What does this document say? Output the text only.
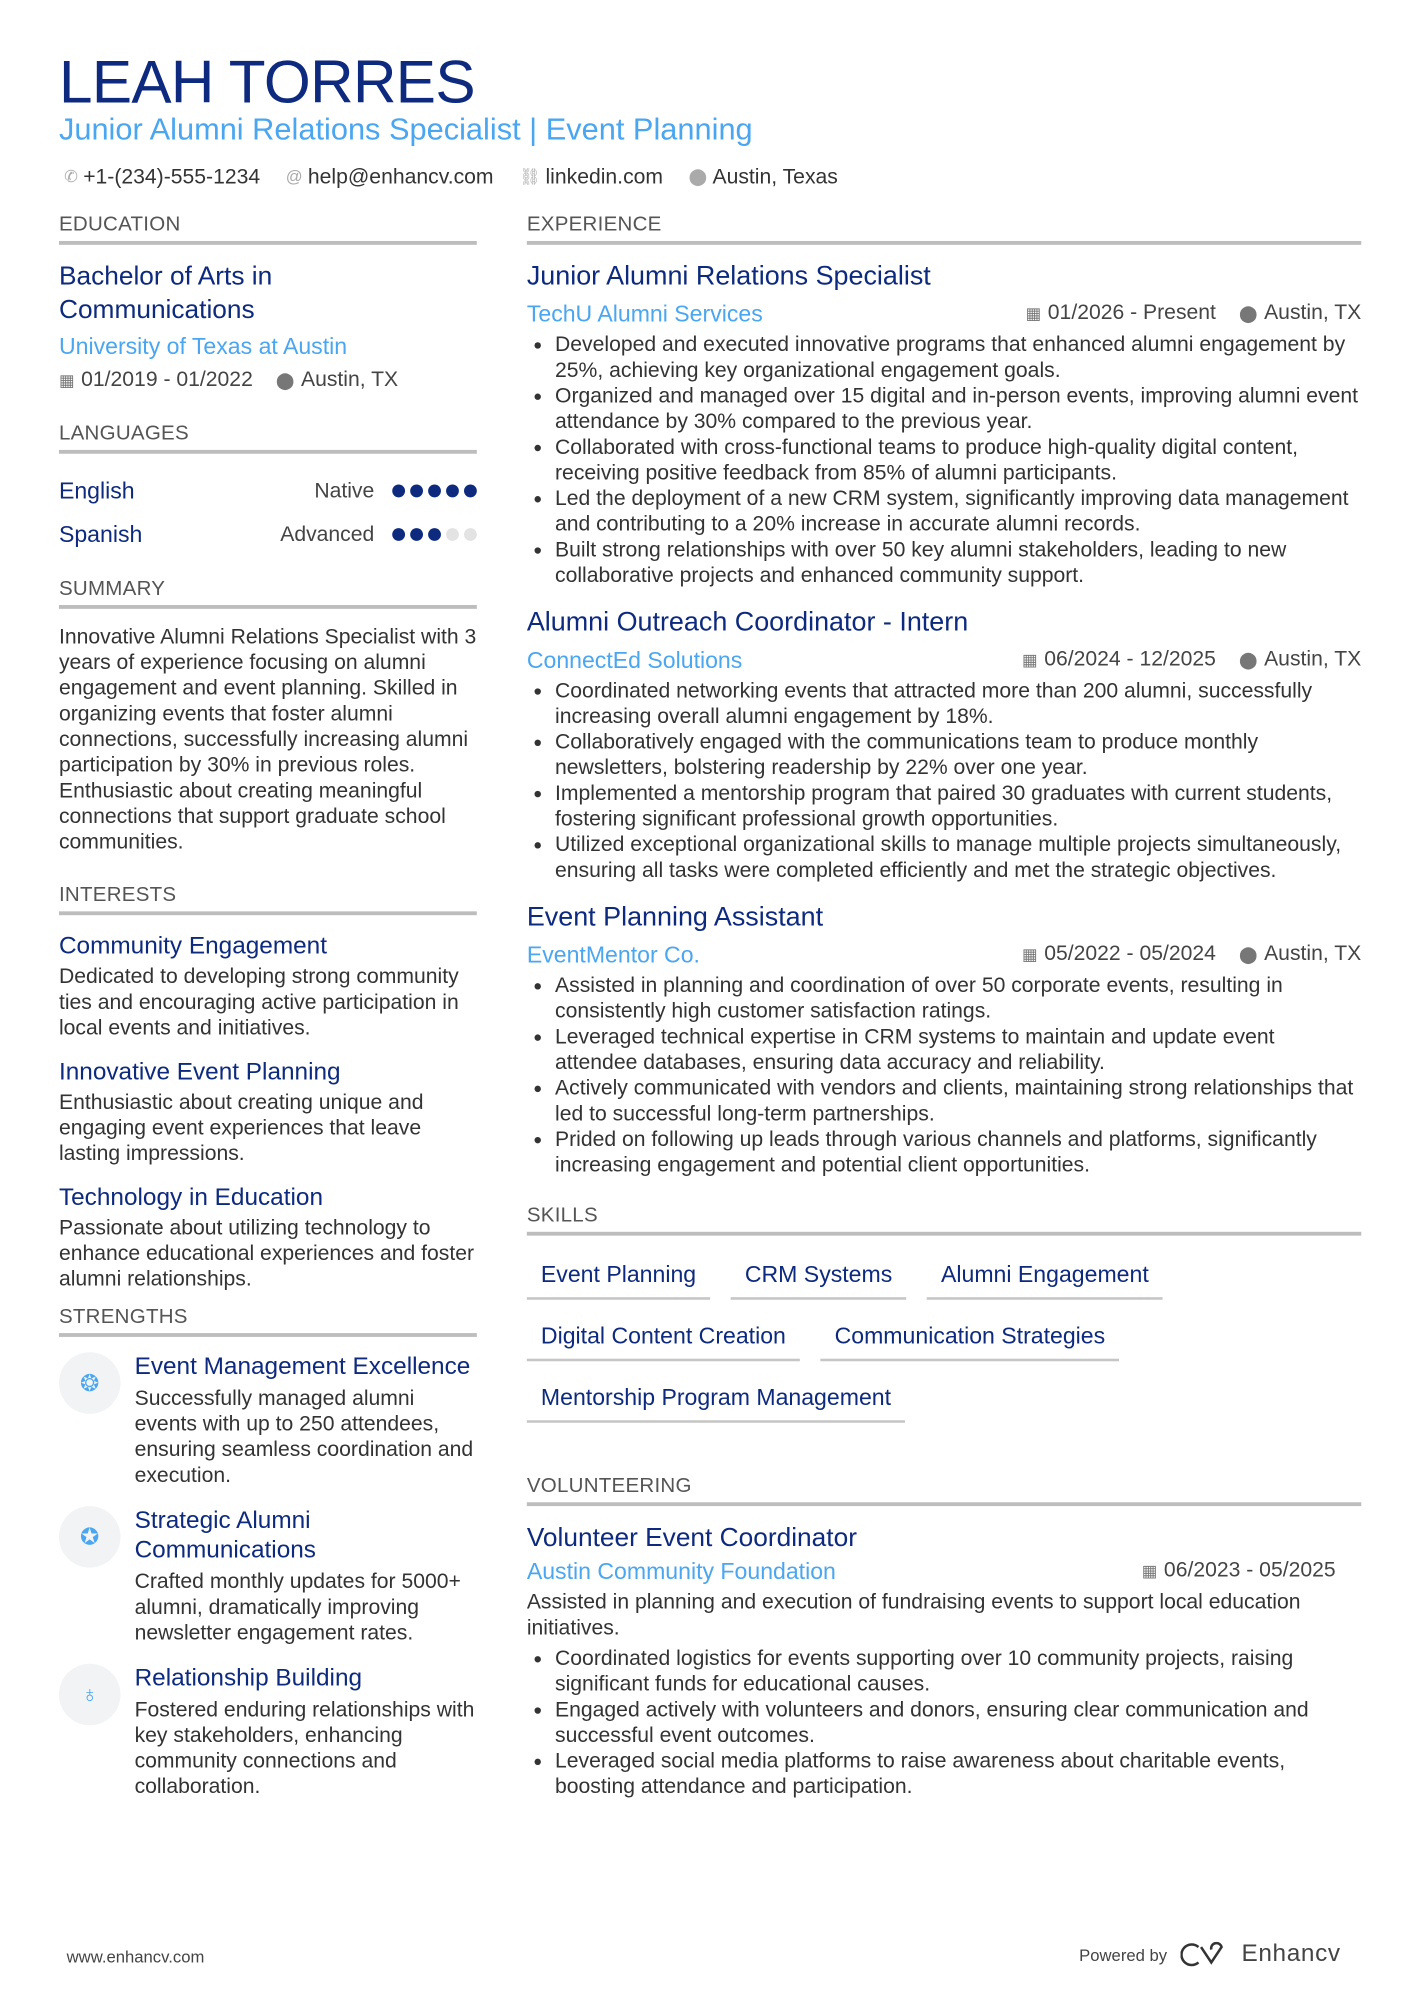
LEAH TORRES
Junior Alumni Relations Specialist | Event Planning
✆ +1-(234)-555-1234 @ help@enhancv.com ⛓ linkedin.com ⬤ Austin, Texas
EDUCATION
Bachelor of Arts in Communications
University of Texas at Austin
▦ 01/2019 - 01/2022 ⬤ Austin, TX
LANGUAGES
English	Native
Spanish	Advanced
SUMMARY
Innovative Alumni Relations Specialist with 3 years of experience focusing on alumni engagement and event planning. Skilled in organizing events that foster alumni connections, successfully increasing alumni participation by 30% in previous roles. Enthusiastic about creating meaningful connections that support graduate school communities.
INTERESTS
Community Engagement
Dedicated to developing strong community ties and encouraging active participation in local events and initiatives.
Innovative Event Planning
Enthusiastic about creating unique and engaging event experiences that leave lasting impressions.
Technology in Education
Passionate about utilizing technology to enhance educational experiences and foster alumni relationships.
STRENGTHS
❂
Event Management Excellence
Successfully managed alumni events with up to 250 attendees, ensuring seamless coordination and execution.
✪
Strategic Alumni Communications
Crafted monthly updates for 5000+ alumni, dramatically improving newsletter engagement rates.
♁
Relationship Building
Fostered enduring relationships with key stakeholders, enhancing community connections and collaboration.
EXPERIENCE
Junior Alumni Relations Specialist
TechU Alumni Services	▦ 01/2026 - Present ⬤ Austin, TX
• Developed and executed innovative programs that enhanced alumni engagement by 25%, achieving key organizational engagement goals.
• Organized and managed over 15 digital and in-person events, improving alumni event attendance by 30% compared to the previous year.
• Collaborated with cross-functional teams to produce high-quality digital content, receiving positive feedback from 85% of alumni participants.
• Led the deployment of a new CRM system, significantly improving data management and contributing to a 20% increase in accurate alumni records.
• Built strong relationships with over 50 key alumni stakeholders, leading to new collaborative projects and enhanced community support.
Alumni Outreach Coordinator - Intern
ConnectEd Solutions	▦ 06/2024 - 12/2025 ⬤ Austin, TX
• Coordinated networking events that attracted more than 200 alumni, successfully increasing overall alumni engagement by 18%.
• Collaboratively engaged with the communications team to produce monthly newsletters, bolstering readership by 22% over one year.
• Implemented a mentorship program that paired 30 graduates with current students, fostering significant professional growth opportunities.
• Utilized exceptional organizational skills to manage multiple projects simultaneously, ensuring all tasks were completed efficiently and met the strategic objectives.
Event Planning Assistant
EventMentor Co.	▦ 05/2022 - 05/2024 ⬤ Austin, TX
• Assisted in planning and coordination of over 50 corporate events, resulting in consistently high customer satisfaction ratings.
• Leveraged technical expertise in CRM systems to maintain and update event attendee databases, ensuring data accuracy and reliability.
• Actively communicated with vendors and clients, maintaining strong relationships that led to successful long-term partnerships.
• Prided on following up leads through various channels and platforms, significantly increasing engagement and potential client opportunities.
SKILLS
Event Planning	CRM Systems	Alumni Engagement
Digital Content Creation	Communication Strategies
Mentorship Program Management
VOLUNTEERING
Volunteer Event Coordinator
Austin Community Foundation	▦ 06/2023 - 05/2025
Assisted in planning and execution of fundraising events to support local education initiatives.
• Coordinated logistics for events supporting over 10 community projects, raising significant funds for educational causes.
• Engaged actively with volunteers and donors, ensuring clear communication and successful event outcomes.
• Leveraged social media platforms to raise awareness about charitable events, boosting attendance and participation.
www.enhancv.com	Powered by	Enhancv
